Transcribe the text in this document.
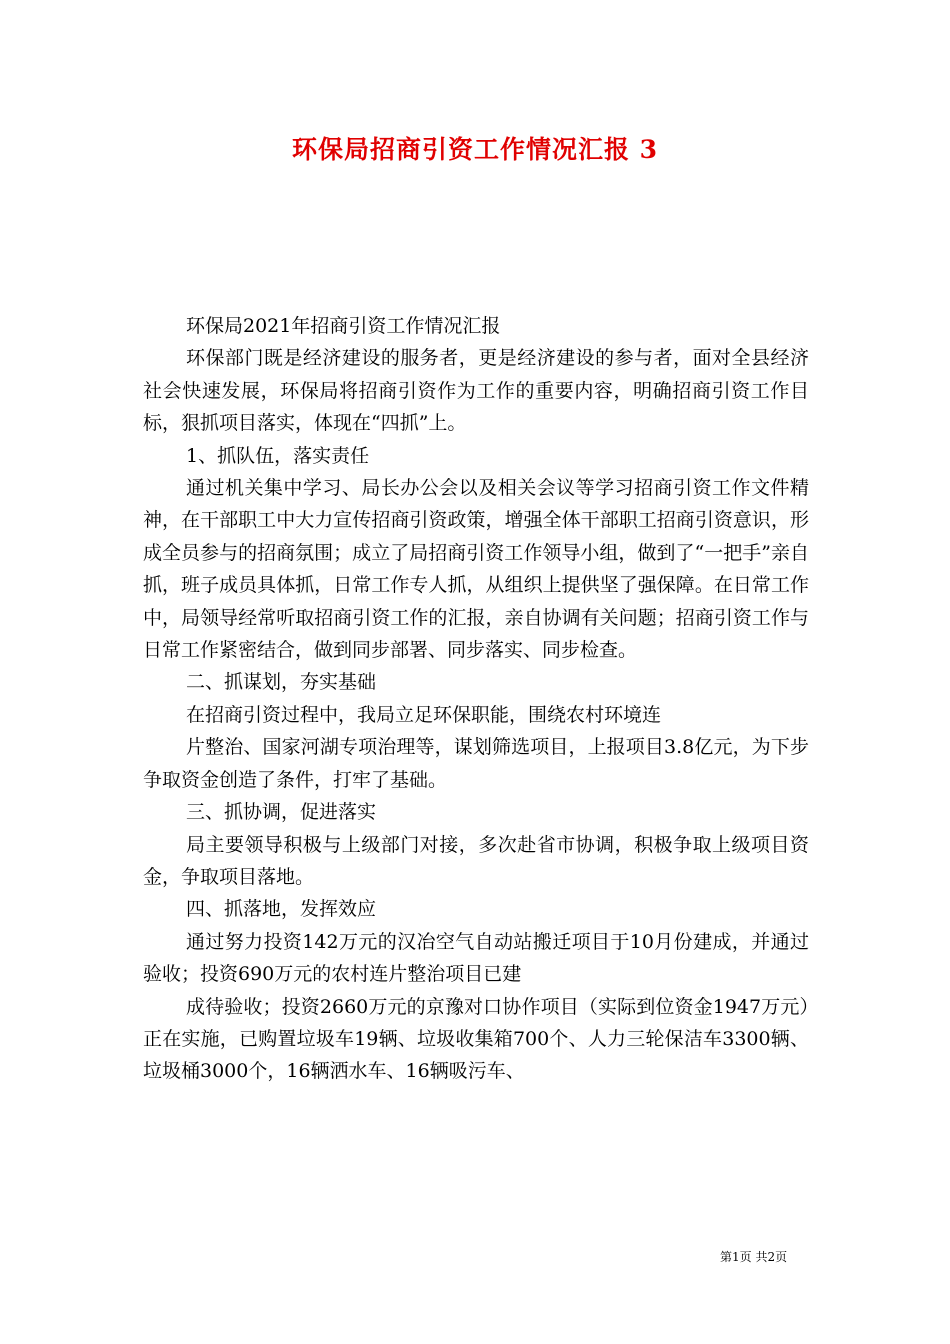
环保局招商引资工作情况汇报 3

环保局2021年招商引资工作情况汇报

环保部门既是经济建设的服务者，更是经济建设的参与者，面对全县经济社会快速发展，环保局将招商引资作为工作的重要内容，明确招商引资工作目标，狠抓项目落实，体现在“四抓”上。

1、抓队伍，落实责任

通过机关集中学习、局长办公会以及相关会议等学习招商引资工作文件精神，在干部职工中大力宣传招商引资政策，增强全体干部职工招商引资意识，形成全员参与的招商氛围；成立了局招商引资工作领导小组，做到了“一把手”亲自抓，班子成员具体抓，日常工作专人抓，从组织上提供坚了强保障。在日常工作中，局领导经常听取招商引资工作的汇报，亲自协调有关问题；招商引资工作与日常工作紧密结合，做到同步部署、同步落实、同步检查。

二、抓谋划，夯实基础

在招商引资过程中，我局立足环保职能，围绕农村环境连

片整治、国家河湖专项治理等，谋划筛选项目，上报项目3.8亿元，为下步争取资金创造了条件，打牢了基础。

三、抓协调，促进落实

局主要领导积极与上级部门对接，多次赴省市协调，积极争取上级项目资金，争取项目落地。

四、抓落地，发挥效应

通过努力投资142万元的汉冶空气自动站搬迁项目于10月份建成，并通过验收；投资690万元的农村连片整治项目已建

成待验收；投资2660万元的京豫对口协作项目（实际到位资金1947万元）正在实施，已购置垃圾车19辆、垃圾收集箱700个、人力三轮保洁车3300辆、垃圾桶3000个，16辆洒水车、16辆吸污车、

第1页 共2页
